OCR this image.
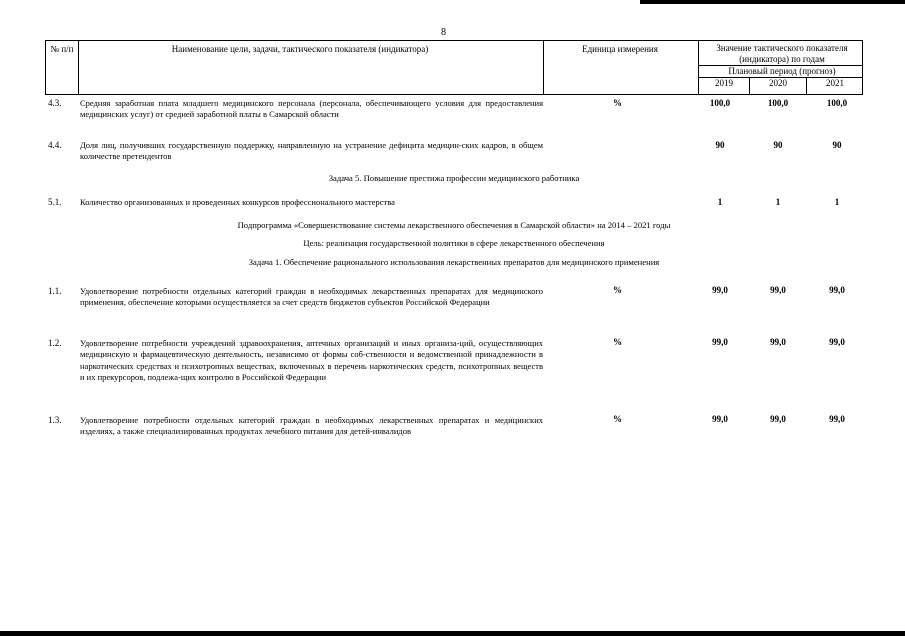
8
№ п/п	Наименование цели, задачи, тактического показателя (индикатора)	Единица измерения	Значение тактического показателя
(индикатора) по годам
Плановый период (прогноз)
2019	2020	2021
4.3. Средняя заработная плата младшего медицинского персонала (персонала, обеспечивающего условия для предоставления медицинских услуг) от средней заработной платы в Самарской области
%	100,0	100,0	100,0
4.4. Доля лиц, получивших государственную поддержку, направленную на устранение дефицита медицин-ских кадров, в общем количестве претендентов
90	90	90
Задача 5. Повышение престижа профессии медицинского работника
5.1. Количество организованных и проведенных конкурсов профессионального мастерства	1	1	1
Подпрограмма «Совершенствование системы лекарственного обеспечения в Самарской области» на 2014 – 2021 годы
Цель: реализация государственной политики в сфере лекарственного обеспечения
Задача 1. Обеспечение рационального использования лекарственных препаратов для медицинского применения
1.1. Удовлетворение потребности отдельных категорий граждан в необходимых лекарственных препаратах для медицинского применения, обеспечение которыми осуществляется за счет средств бюджетов субъектов Российской Федерации
%	99,0	99,0	99,0
1.2. Удовлетворение потребности учреждений здравоохранения, аптечных организаций и иных организа-ций, осуществляющих медицинскую и фармацевтическую деятельность, независимо от формы соб-ственности и ведомственной принадлежности в наркотических средствах и психотропных веществах, включенных в перечень наркотических средств, психотропных веществ и их прекурсоров, подлежа-щих контролю в Российской Федерации
%	99,0	99,0	99,0
1.3. Удовлетворение потребности отдельных категорий граждан в необходимых лекарственных препаратах и медицинских изделиях, а также специализированных продуктах лечебного питания для детей-инвалидов
%	99,0	99,0	99,0
